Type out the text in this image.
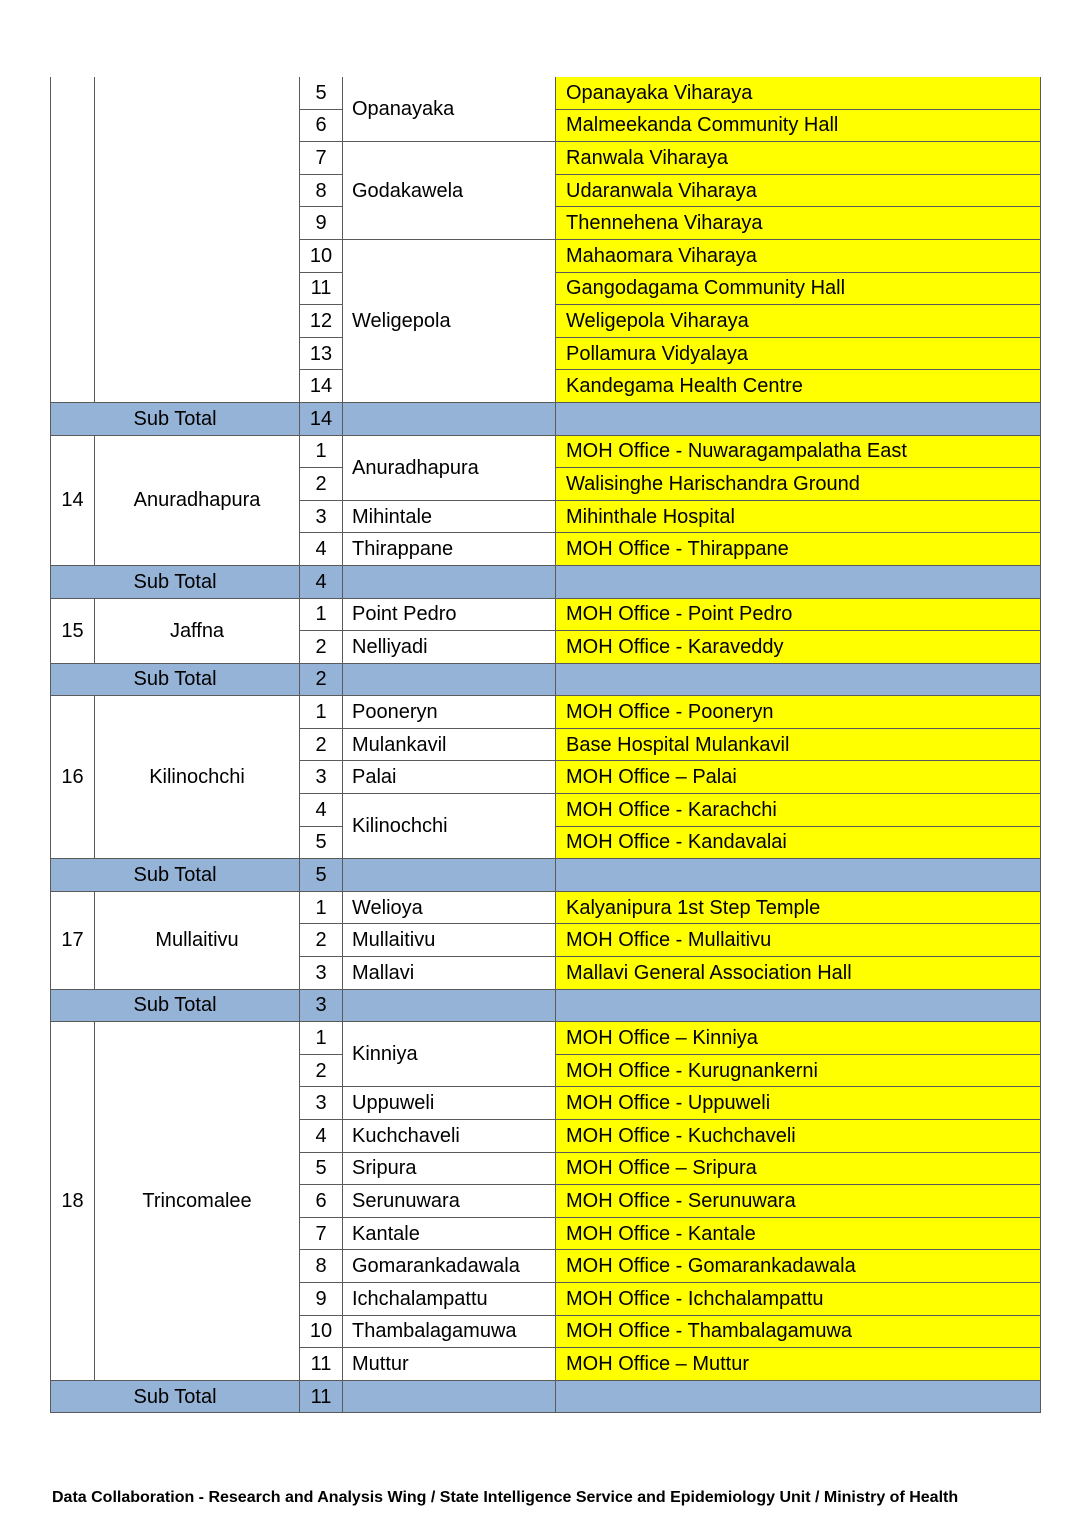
		5	Opanayaka	Opanayaka Viharaya
		6		Malmeekanda Community Hall
		7	Godakawela	Ranwala Viharaya
		8		Udaranwala Viharaya
		9		Thennehena Viharaya
		10	Weligepola	Mahaomara Viharaya
		11		Gangodagama Community Hall
		12		Weligepola Viharaya
		13		Pollamura Vidyalaya
		14		Kandegama Health Centre
Sub Total		14		
14	Anuradhapura	1	Anuradhapura	MOH Office - Nuwaragampalatha East
		2		Walisinghe Harischandra Ground
		3	Mihintale	Mihinthale Hospital
		4	Thirappane	MOH Office - Thirappane
Sub Total		4		
15	Jaffna	1	Point Pedro	MOH Office - Point Pedro
		2	Nelliyadi	MOH Office - Karaveddy
Sub Total		2		
16	Kilinochchi	1	Pooneryn	MOH Office - Pooneryn
		2	Mulankavil	Base Hospital Mulankavil
		3	Palai	MOH Office – Palai
		4	Kilinochchi	MOH Office - Karachchi
		5		MOH Office - Kandavalai
Sub Total		5		
17	Mullaitivu	1	Welioya	Kalyanipura 1st Step Temple
		2	Mullaitivu	MOH Office - Mullaitivu
		3	Mallavi	Mallavi General Association Hall
Sub Total		3		
18	Trincomalee	1	Kinniya	MOH Office – Kinniya
		2		MOH Office - Kurugnankerni
		3	Uppuweli	MOH Office - Uppuweli
		4	Kuchchaveli	MOH Office - Kuchchaveli
		5	Sripura	MOH Office – Sripura
		6	Serunuwara	MOH Office - Serunuwara
		7	Kantale	MOH Office - Kantale
		8	Gomarankadawala	MOH Office - Gomarankadawala
		9	Ichchalampattu	MOH Office - Ichchalampattu
		10	Thambalagamuwa	MOH Office - Thambalagamuwa
		11	Muttur	MOH Office – Muttur
Sub Total		11		
Data Collaboration - Research and Analysis Wing / State Intelligence Service and Epidemiology Unit / Ministry of Health
